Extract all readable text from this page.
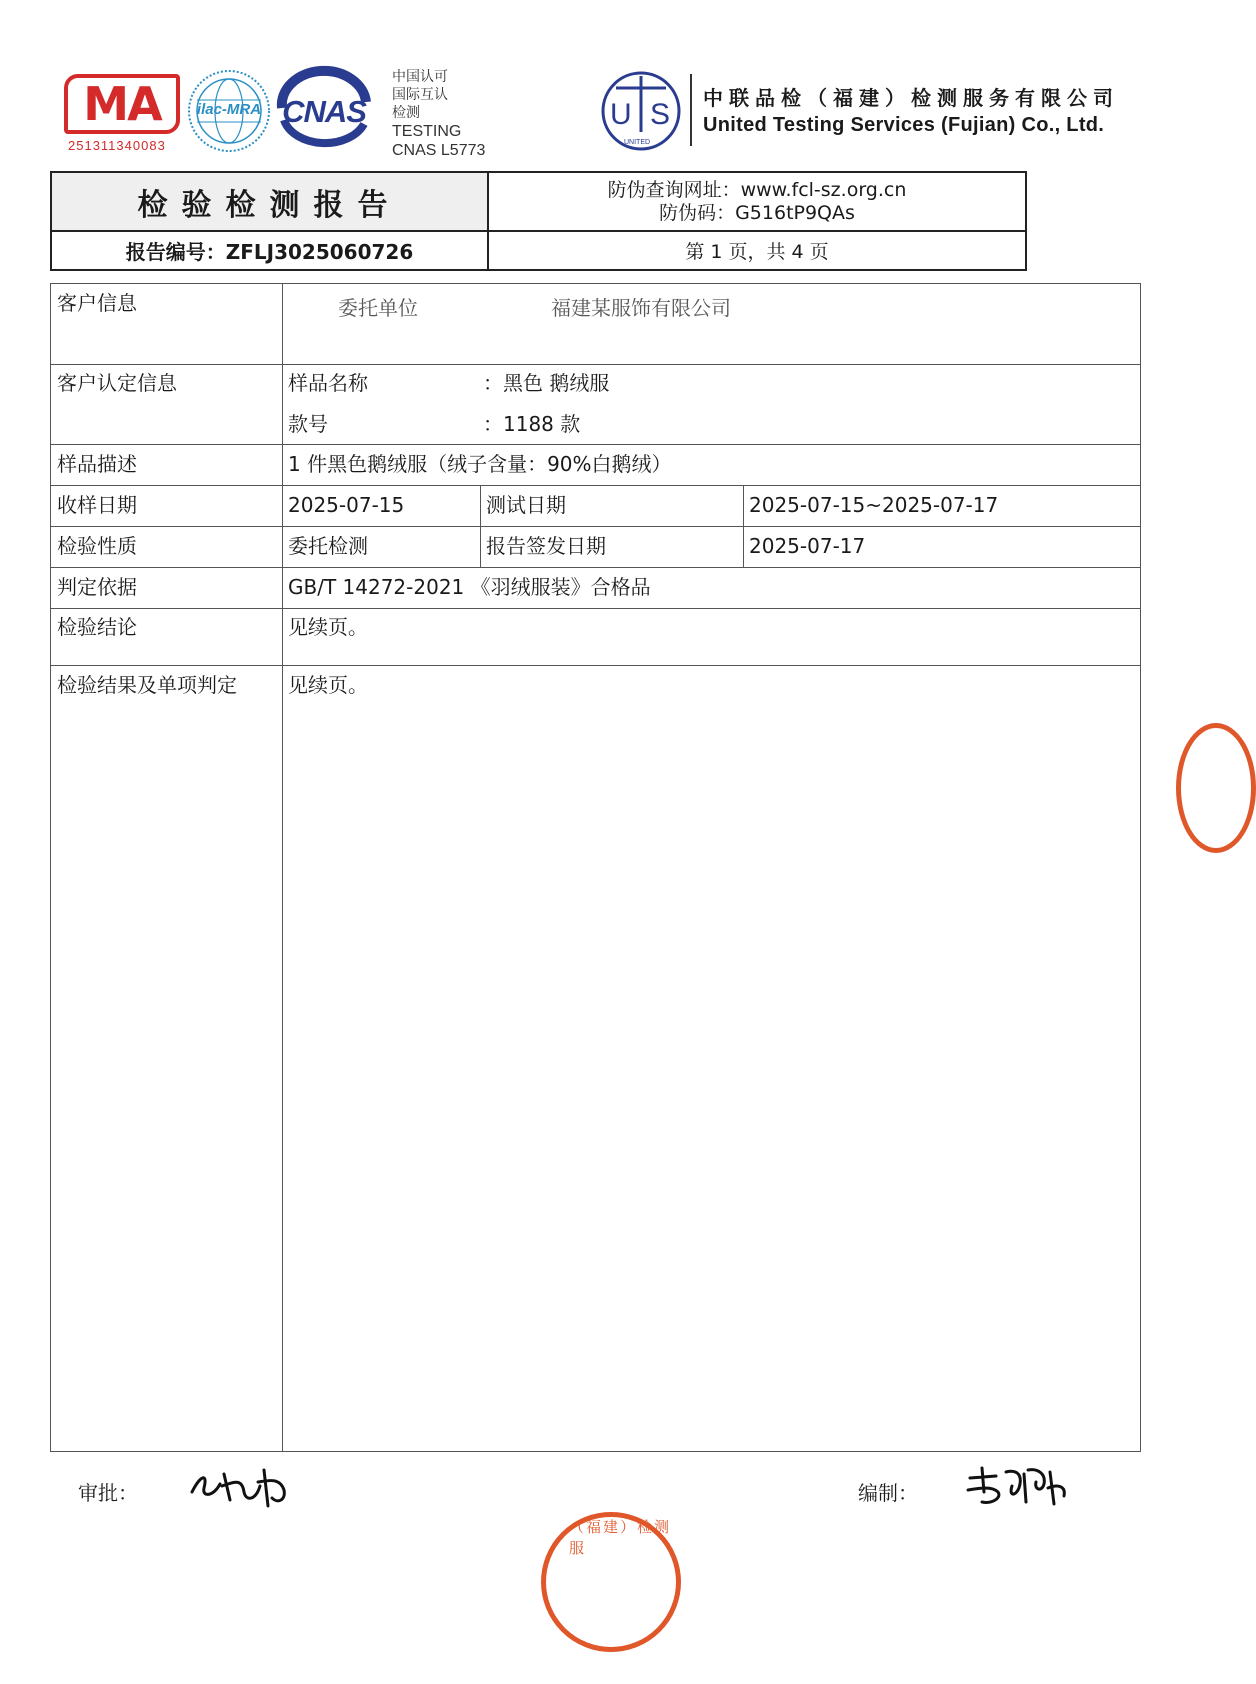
MA
251311340083
ilac-MRA CNAS
中国认可
国际互认
检测
TESTING
CNAS L5773
U S
UNITED
中联品检（福建）检测服务有限公司
United Testing Services (Fujian) Co., Ltd.
检验检测报告	防伪查询网址：www.fcl-sz.org.cn
防伪码：G516tP9QAs
报告编号：ZFLJ3025060726	第 1 页，共 4 页
客户信息	委托单位	福建某服饰有限公司
客户认定信息	样品名称	：黑色 鹅绒服
款号	：1188 款
样品描述	1 件黑色鹅绒服（绒子含量：90%白鹅绒）
收样日期	2025-07-15	测试日期	2025-07-15~2025-07-17
检验性质	委托检测	报告签发日期	2025-07-17
判定依据	GB/T 14272-2021 《羽绒服装》合格品
检验结论	见续页。
检验结果及单项判定	见续页。
审批：	编制：
（福建）检测服
